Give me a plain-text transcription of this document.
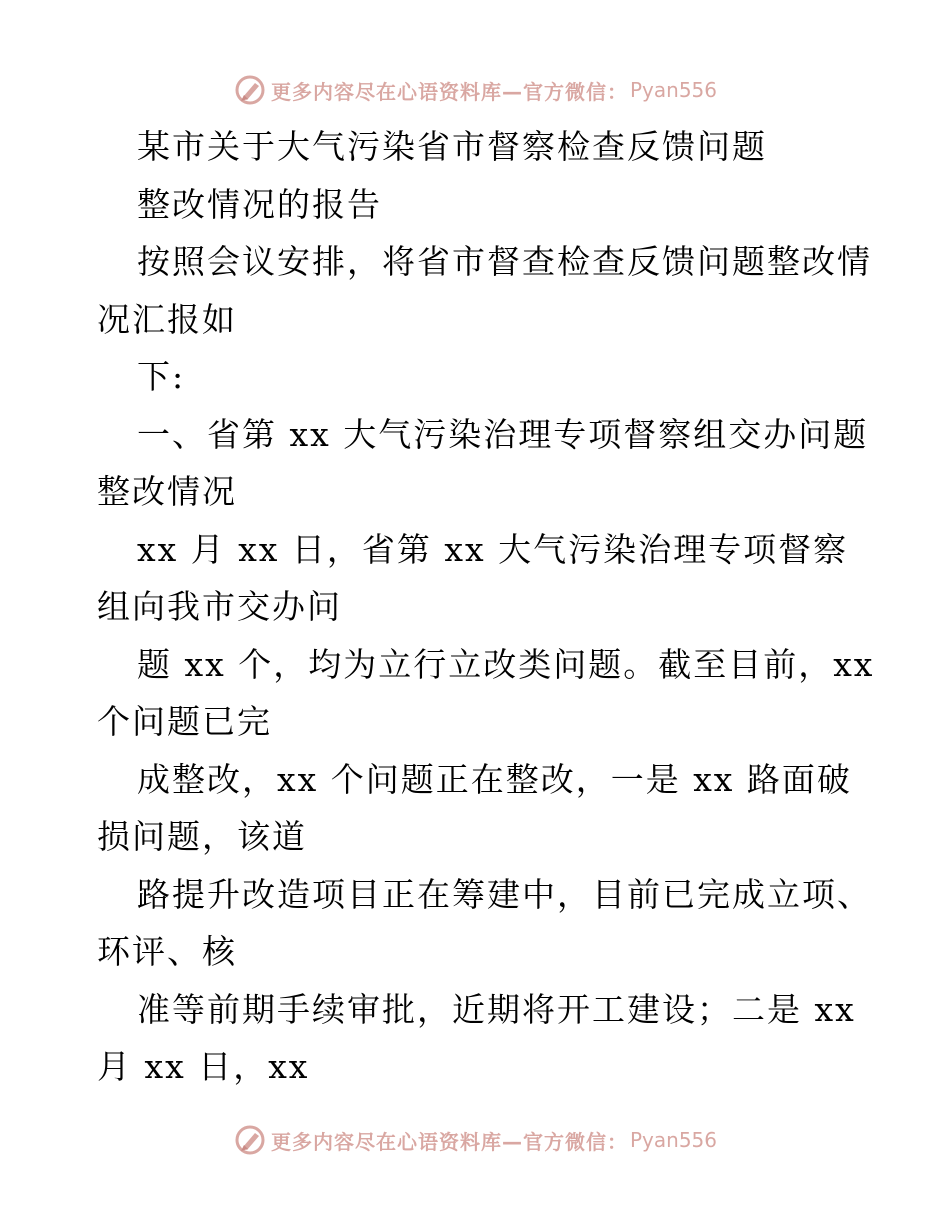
更多内容尽在心语资料库—官方微信： Pyan556
某市关于大气污染省市督察检查反馈问题
整改情况的报告
按照会议安排，将省市督查检查反馈问题整改情
况汇报如
下:
一、省第 xx 大气污染治理专项督察组交办问题
整改情况
xx 月 xx 日，省第 xx 大气污染治理专项督察
组向我市交办问
题 xx 个，均为立行立改类问题。截至目前，xx
个问题已完
成整改，xx 个问题正在整改，一是 xx 路面破
损问题，该道
路提升改造项目正在筹建中，目前已完成立项、
环评、核
准等前期手续审批，近期将开工建设；二是 xx
月 xx 日，xx
更多内容尽在心语资料库—官方微信： Pyan556
